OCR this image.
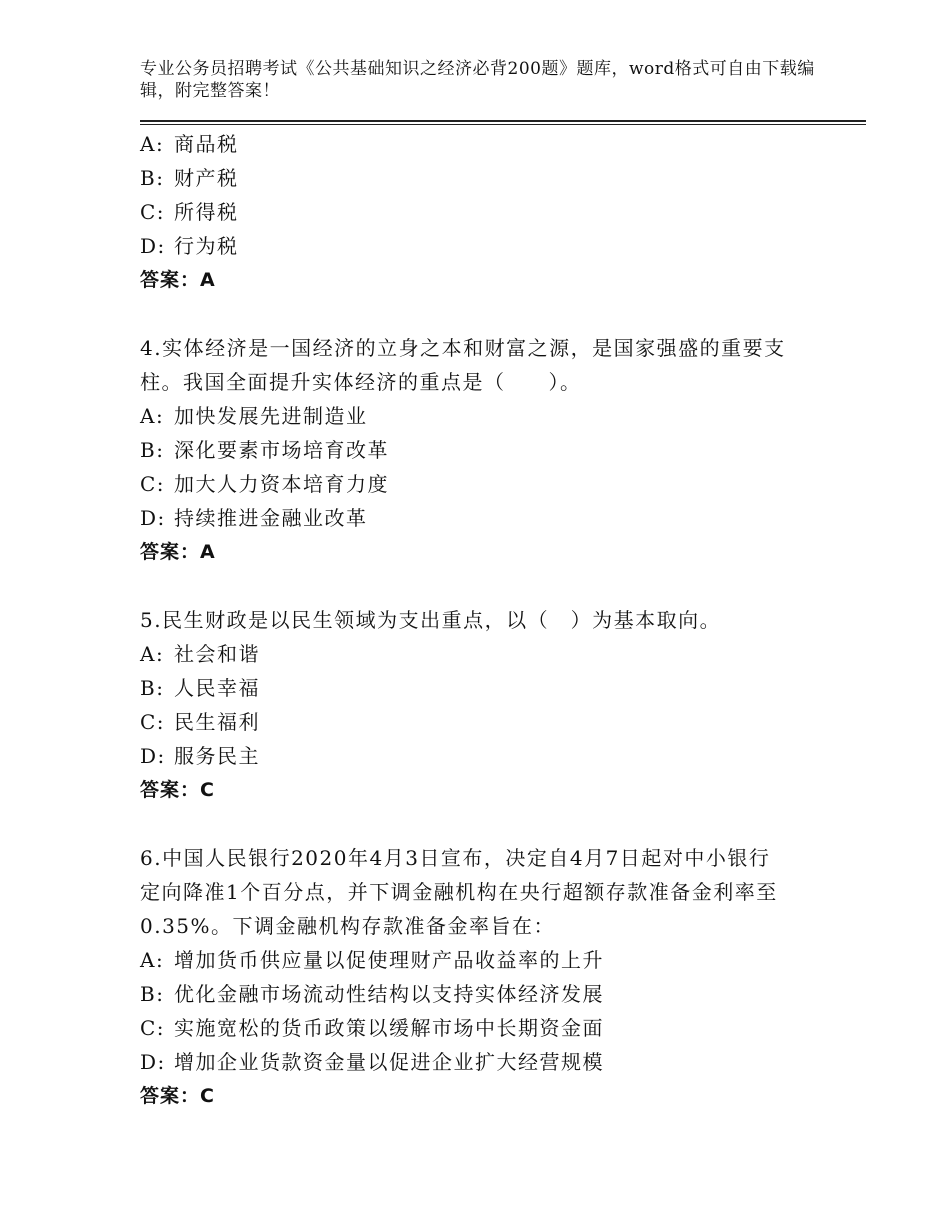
专业公务员招聘考试《公共基础知识之经济必背200题》题库，word格式可自由下载编辑，附完整答案！
A: 商品税
B: 财产税
C: 所得税
D: 行为税
答案：A
4.实体经济是一国经济的立身之本和财富之源，是国家强盛的重要支
柱。我国全面提升实体经济的重点是（　　）。
A: 加快发展先进制造业
B: 深化要素市场培育改革
C: 加大人力资本培育力度
D: 持续推进金融业改革
答案：A
5.民生财政是以民生领域为支出重点，以（　）为基本取向。
A: 社会和谐
B: 人民幸福
C: 民生福利
D: 服务民主
答案：C
6.中国人民银行2020年4月3日宣布，决定自4月7日起对中小银行
定向降准1个百分点，并下调金融机构在央行超额存款准备金利率至
0.35%。下调金融机构存款准备金率旨在：
A: 增加货币供应量以促使理财产品收益率的上升
B: 优化金融市场流动性结构以支持实体经济发展
C: 实施宽松的货币政策以缓解市场中长期资金面
D: 增加企业货款资金量以促进企业扩大经营规模
答案：C
